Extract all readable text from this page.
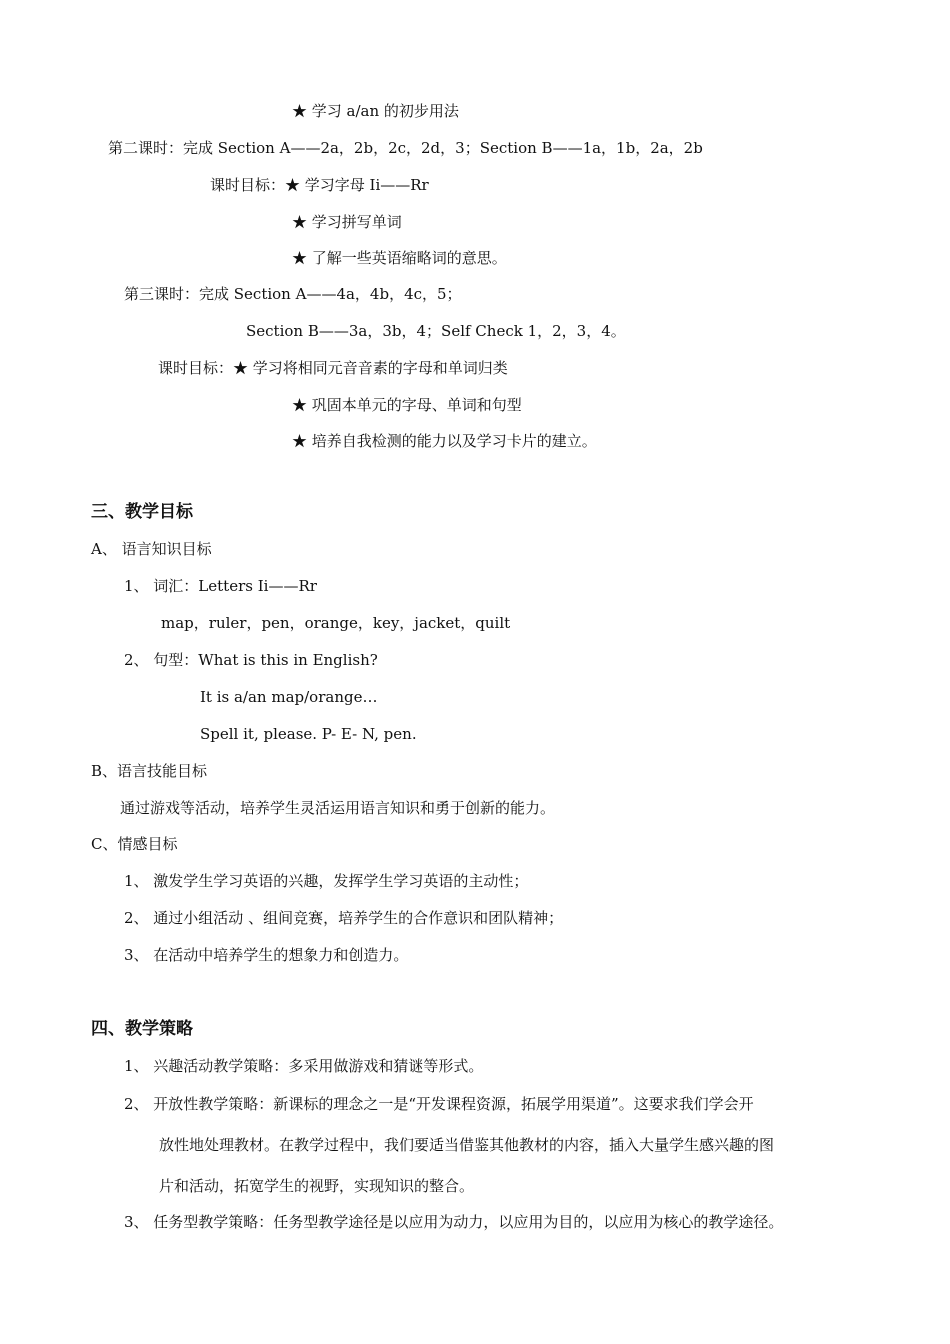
★ 学习 a/an 的初步用法
第二课时：完成 Section A——2a，2b，2c，2d，3；Section B——1a，1b，2a，2b
课时目标：★ 学习字母 Ii——Rr
★ 学习拼写单词
★ 了解一些英语缩略词的意思。
第三课时：完成 Section A——4a，4b，4c，5；
Section B——3a，3b，4；Self Check 1，2，3，4。
课时目标：★ 学习将相同元音音素的字母和单词归类
★ 巩固本单元的字母、单词和句型
★ 培养自我检测的能力以及学习卡片的建立。
三、教学目标
A、 语言知识目标
1、 词汇：Letters Ii——Rr
map，ruler，pen，orange，key，jacket，quilt
2、 句型：What is this in English?
It is a/an map/orange…
Spell it, please. P- E- N, pen.
B、语言技能目标
通过游戏等活动，培养学生灵活运用语言知识和勇于创新的能力。
C、情感目标
1、 激发学生学习英语的兴趣，发挥学生学习英语的主动性；
2、 通过小组活动 、组间竞赛，培养学生的合作意识和团队精神；
3、 在活动中培养学生的想象力和创造力。
四、教学策略
1、 兴趣活动教学策略：多采用做游戏和猜谜等形式。
2、 开放性教学策略：新课标的理念之一是“开发课程资源，拓展学用渠道”。这要求我们学会开
放性地处理教材。在教学过程中，我们要适当借鉴其他教材的内容，插入大量学生感兴趣的图
片和活动，拓宽学生的视野，实现知识的整合。
3、 任务型教学策略：任务型教学途径是以应用为动力，以应用为目的，以应用为核心的教学途径。
